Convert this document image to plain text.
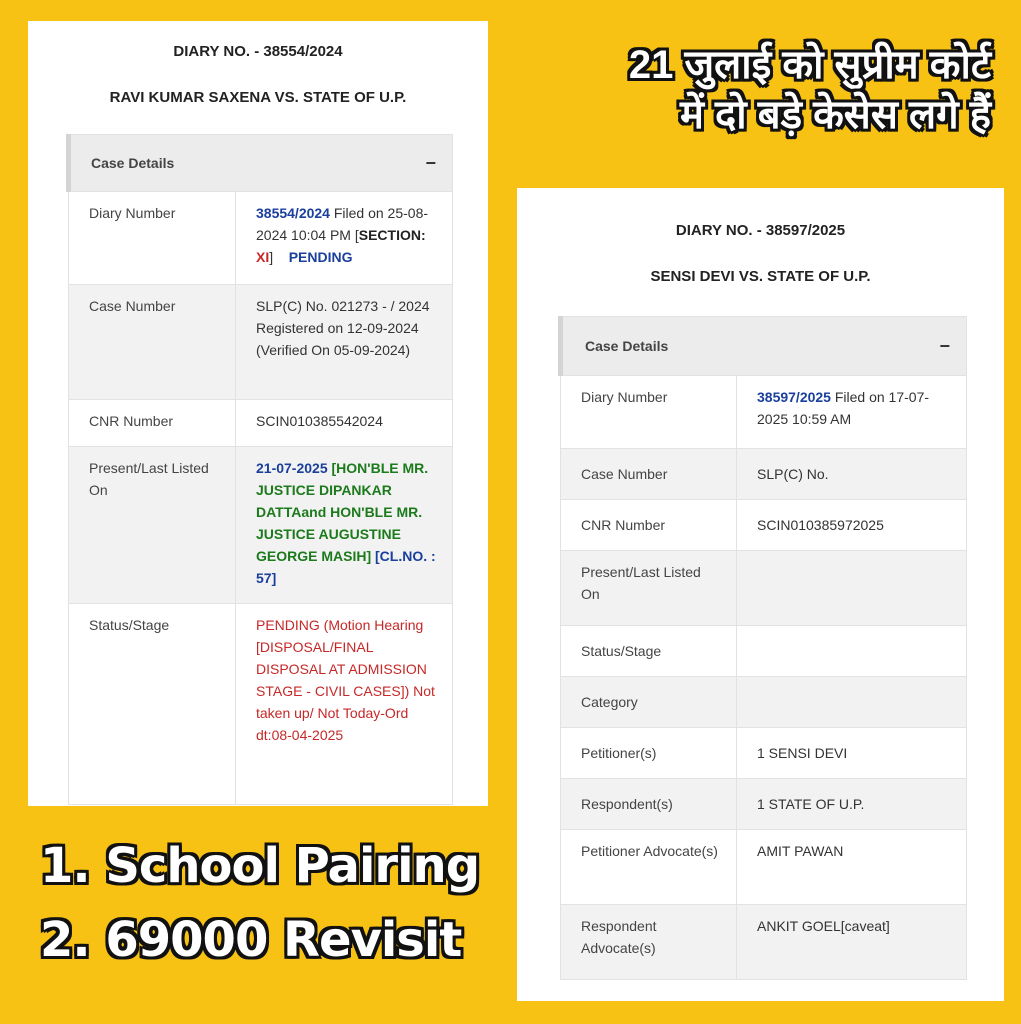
DIARY NO. - 38554/2024
RAVI KUMAR SAXENA VS. STATE OF U.P.
Case Details −	

Diary Number	38554/2024 Filed on 25-08-2024 10:04 PM [SECTION: XI] PENDING
Case Number	SLP(C) No. 021273 - / 2024 Registered on 12-09-2024
(Verified On 05-09-2024)

CNR Number	SCIN010385542024
Present/Last Listed On	21-07-2025 [HON'BLE MR. JUSTICE DIPANKAR DATTAand HON'BLE MR. JUSTICE AUGUSTINE GEORGE MASIH] [CL.NO. : 57]
Status/Stage	PENDING (Motion Hearing [DISPOSAL/FINAL DISPOSAL AT ADMISSION STAGE - CIVIL CASES]) Not taken up/ Not Today-Ord dt:08-04-2025
21 जुलाई को सुप्रीम कोर्ट
में दो बड़े केसेस लगे हैं
DIARY NO. - 38597/2025
SENSI DEVI VS. STATE OF U.P.
Case Details −	

Diary Number	38597/2025 Filed on 17-07-2025 10:59 AM
Case Number	SLP(C) No.
CNR Number	SCIN010385972025
Present/Last Listed On	
Status/Stage	
Category	
Petitioner(s)	1 SENSI DEVI
Respondent(s)	1 STATE OF U.P.
Petitioner Advocate(s)	AMIT PAWAN
Respondent Advocate(s)	ANKIT GOEL[caveat]
1. School Pairing
2. 69000 Revisit
